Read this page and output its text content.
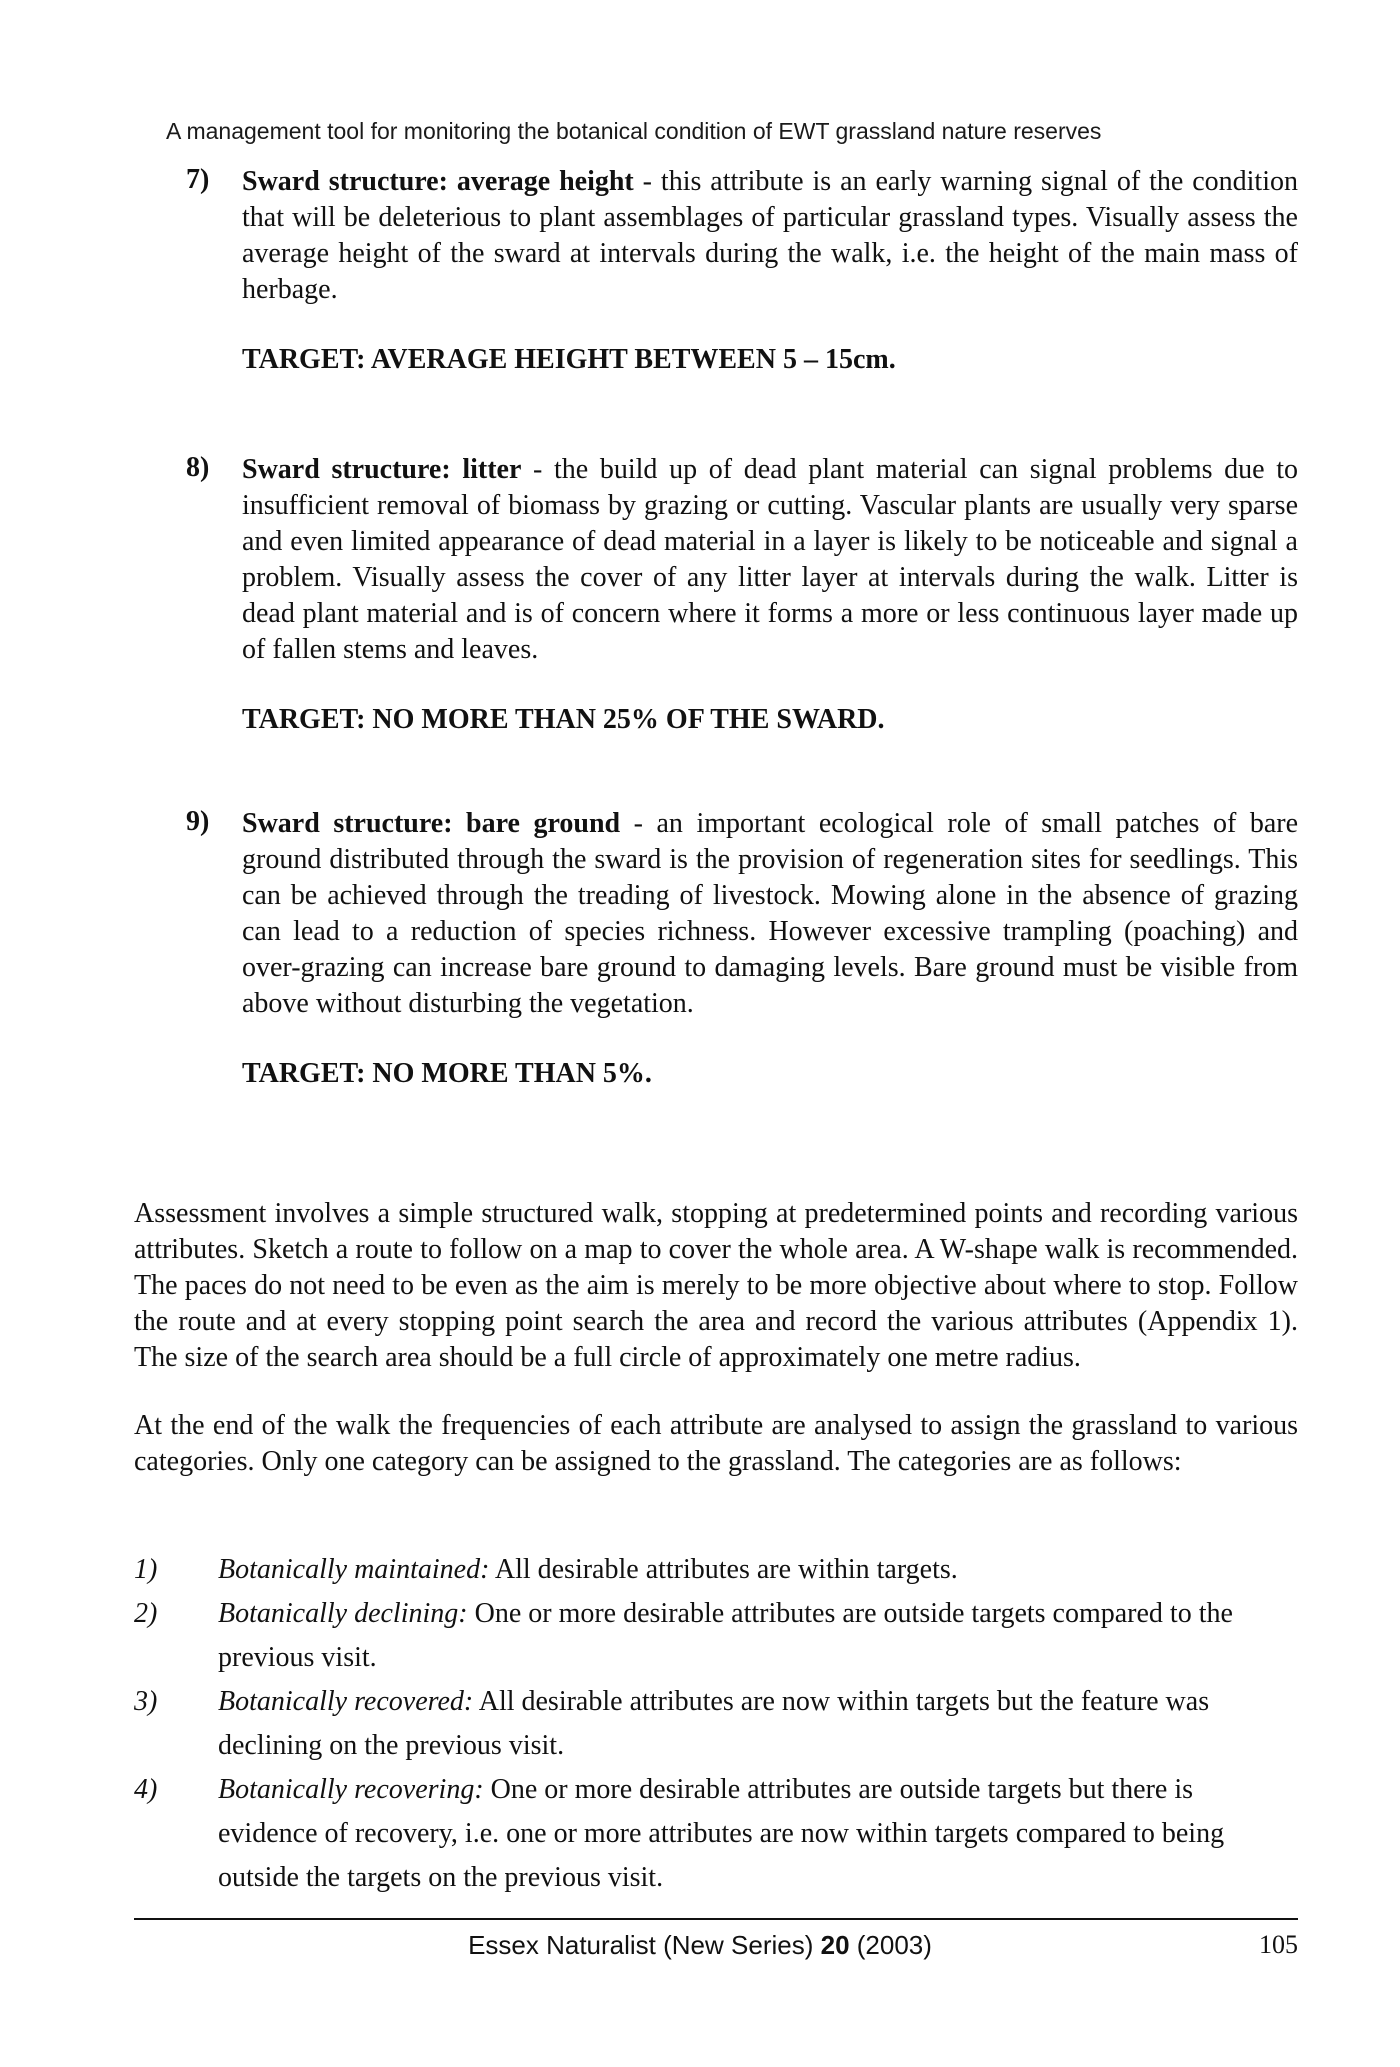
A management tool for monitoring the botanical condition of EWT grassland nature reserves
7) Sward structure: average height - this attribute is an early warning signal of the condition that will be deleterious to plant assemblages of particular grassland types. Visually assess the average height of the sward at intervals during the walk, i.e. the height of the main mass of herbage.
TARGET: AVERAGE HEIGHT BETWEEN 5 – 15cm.
8) Sward structure: litter - the build up of dead plant material can signal problems due to insufficient removal of biomass by grazing or cutting. Vascular plants are usually very sparse and even limited appearance of dead material in a layer is likely to be noticeable and signal a problem. Visually assess the cover of any litter layer at intervals during the walk. Litter is dead plant material and is of concern where it forms a more or less continuous layer made up of fallen stems and leaves.
TARGET: NO MORE THAN 25% OF THE SWARD.
9) Sward structure: bare ground - an important ecological role of small patches of bare ground distributed through the sward is the provision of regeneration sites for seedlings. This can be achieved through the treading of livestock. Mowing alone in the absence of grazing can lead to a reduction of species richness. However excessive trampling (poaching) and over-grazing can increase bare ground to damaging levels. Bare ground must be visible from above without disturbing the vegetation.
TARGET: NO MORE THAN 5%.
Assessment involves a simple structured walk, stopping at predetermined points and recording various attributes. Sketch a route to follow on a map to cover the whole area. A W-shape walk is recommended. The paces do not need to be even as the aim is merely to be more objective about where to stop. Follow the route and at every stopping point search the area and record the various attributes (Appendix 1). The size of the search area should be a full circle of approximately one metre radius.
At the end of the walk the frequencies of each attribute are analysed to assign the grassland to various categories. Only one category can be assigned to the grassland. The categories are as follows:
1) Botanically maintained: All desirable attributes are within targets.
2) Botanically declining: One or more desirable attributes are outside targets compared to the previous visit.
3) Botanically recovered: All desirable attributes are now within targets but the feature was declining on the previous visit.
4) Botanically recovering: One or more desirable attributes are outside targets but there is evidence of recovery, i.e. one or more attributes are now within targets compared to being outside the targets on the previous visit.
Essex Naturalist (New Series) 20 (2003)	105
